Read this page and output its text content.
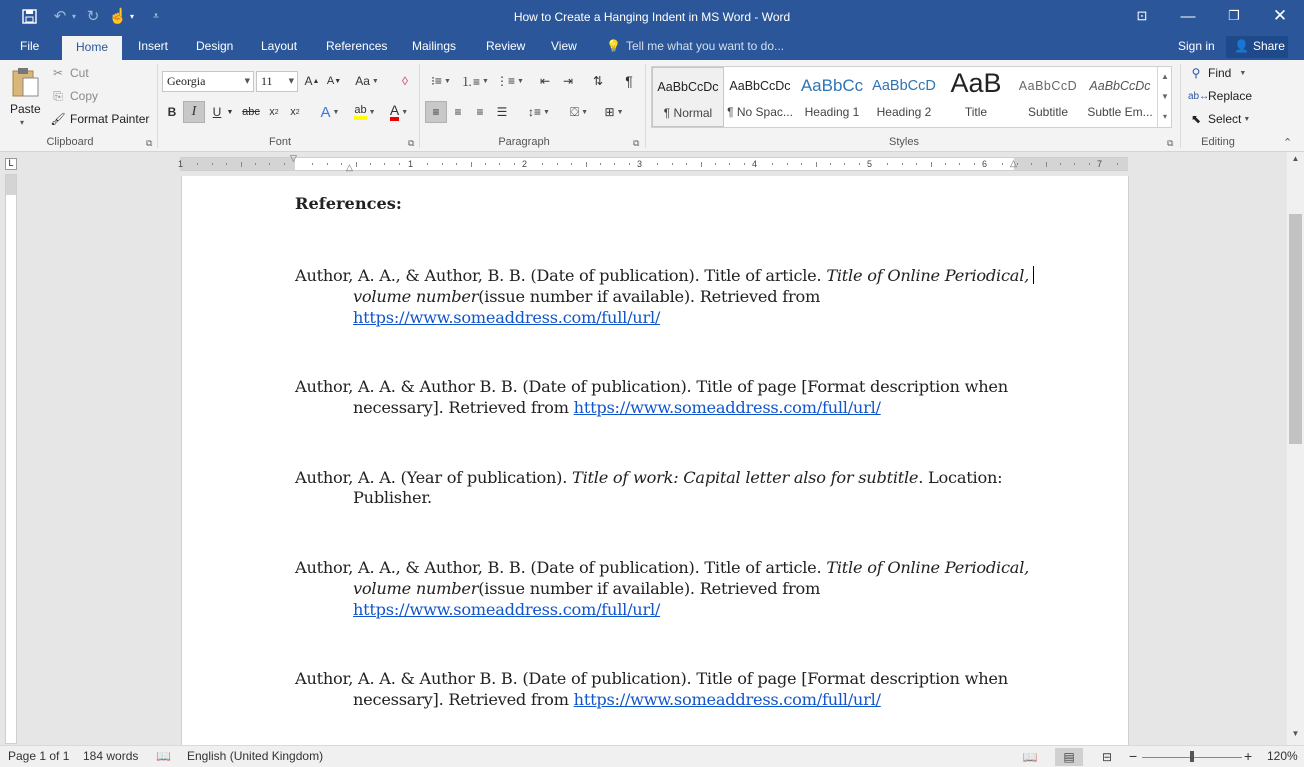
↶ ▾ ↻ ☝ ▾	⩡	How to Create a Hanging Indent in MS Word - Word	⊡	—	❐	✕
File	Home	Insert Design Layout References Mailings Review View 💡 Tell me what you want to do...	Sign in	👤 Share
Paste
▾
✂ Cut
⎘ Copy
🖌 Format Painter
Clipboard	⧉
Georgia	▼ 11 ▼ A ▲ A ▼ Aa ▼	◊
B	I	U ▼ abc x 2	x 2	A ▼ ab ▼ A ▼
Font	⧉
⁝≡ ▼ ⒈≡ ▼ ⋮≡ ▼	⇤	⇥	⇅	¶
≡	≡	≡	☰	↕≡ ▼	⛋ ▼	⊞ ▼
Paragraph	⧉
AaBbCcDc
¶ Normal
AaBbCcDc
¶ No Spac...
AaBbCc
Heading 1
AaBbCcD
Heading 2
AaB
Title
AaBbCcD
Subtitle
AaBbCcDc
Subtle Em...
▲
▼
▾
Styles	⧉
⚲ Find ▼
ab↔
Replace
⬉ Select ▼
Editing	⌃
L	1	1	2	3	4	5	6	7
▽
△	△
References:
Author, A. A., & Author, B. B. (Date of publication). Title of article. Title of Online Periodical,
volume number(issue number if available). Retrieved from
https://www.someaddress.com/full/url/
Author, A. A. & Author B. B. (Date of publication). Title of page [Format description when
necessary]. Retrieved from https://www.someaddress.com/full/url/
Author, A. A. (Year of publication). Title of work: Capital letter also for subtitle. Location:
Publisher.
Author, A. A., & Author, B. B. (Date of publication). Title of article. Title of Online Periodical,
volume number(issue number if available). Retrieved from
https://www.someaddress.com/full/url/
Author, A. A. & Author B. B. (Date of publication). Title of page [Format description when
necessary]. Retrieved from https://www.someaddress.com/full/url/
▲
▼
Page 1 of 1 184 words 📖 English (United Kingdom)	📖	▤	⊟	−	+ 120%
